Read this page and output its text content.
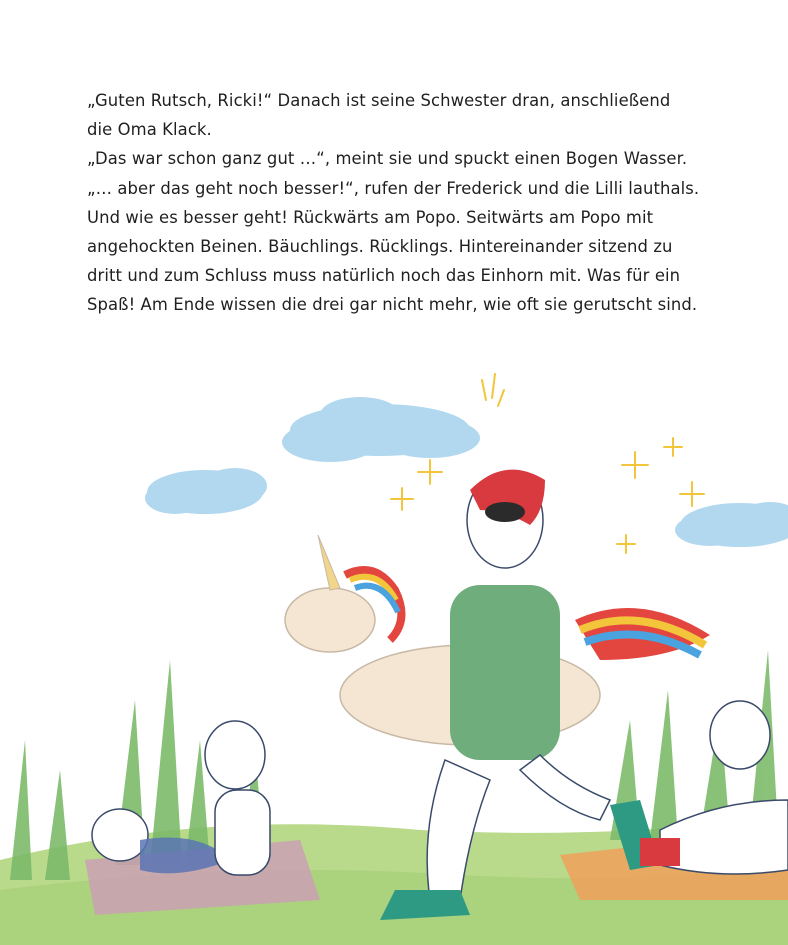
„Guten Rutsch, Ricki!“ Danach ist seine Schwester dran, anschließend
die Oma Klack.
„Das war schon ganz gut …“, meint sie und spuckt einen Bogen Wasser.
„… aber das geht noch besser!“, rufen der Frederick und die Lilli lauthals.
Und wie es besser geht! Rückwärts am Popo. Seitwärts am Popo mit
angehockten Beinen. Bäuchlings. Rücklings. Hintereinander sitzend zu
dritt und zum Schluss muss natürlich noch das Einhorn mit. Was für ein
Spaß! Am Ende wissen die drei gar nicht mehr, wie oft sie gerutscht sind.
